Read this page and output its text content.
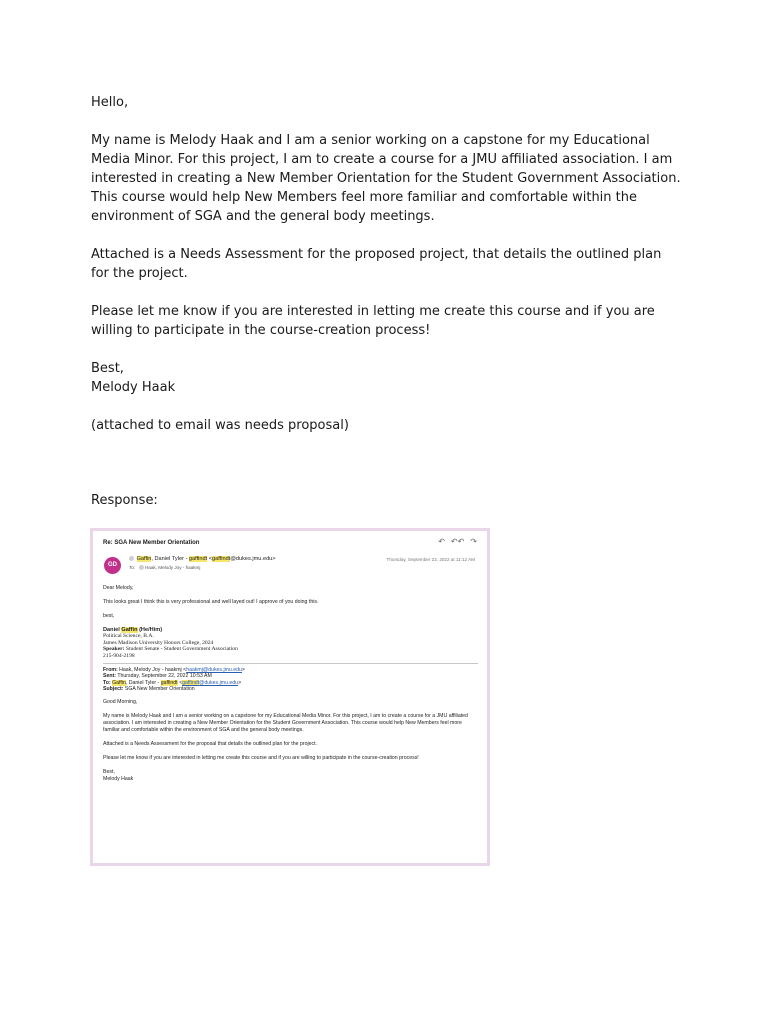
Hello,

My name is Melody Haak and I am a senior working on a capstone for my Educational Media Minor. For this project, I am to create a course for a JMU affiliated association. I am interested in creating a New Member Orientation for the Student Government Association. This course would help New Members feel more familiar and comfortable within the environment of SGA and the general body meetings.

Attached is a Needs Assessment for the proposed project, that details the outlined plan for the project.

Please let me know if you are interested in letting me create this course and if you are willing to participate in the course-creation process!

Best,

Melody Haak

(attached to email was needs proposal)

Response:
Re: SGA New Member Orientation	↶ ↶↶ ↷
GD
Gaffin, Daniel Tyler - gaffindt <gaffindt@dukes.jmu.edu>
To: Haak, Melody Joy - haakmj
Thursday, September 22, 2022 at 11:12 AM

Dear Melody,

This looks great I think this is very professional and well layed out! I approve of you doing this.

best,

Daniel Gaffin (He/Him)
Political Science, B.A.
James Madison University Honors College, 2024
Speaker: Student Senate - Student Government Association
215-904-2198
From: Haak, Melody Joy - haakmj <haakmj@dukes.jmu.edu>
Sent: Thursday, September 22, 2022 10:53 AM
To: Gaffin, Daniel Tyler - gaffindt <gaffindt@dukes.jmu.edu>
Subject: SGA New Member Orientation

Good Morning,

My name is Melody Haak and I am a senior working on a capstone for my Educational Media Minor. For this project, I am to create a course for a JMU affiliated association. I am interested in creating a New Member Orientation for the Student Government Association. This course would help New Members feel more familiar and comfortable within the environment of SGA and the general body meetings.

Attached is a Needs Assessment for the proposal that details the outlined plan for the project.

Please let me know if you are interested in letting me create this course and if you are willing to participate in the course-creation process!

Best,
Melody Haak
